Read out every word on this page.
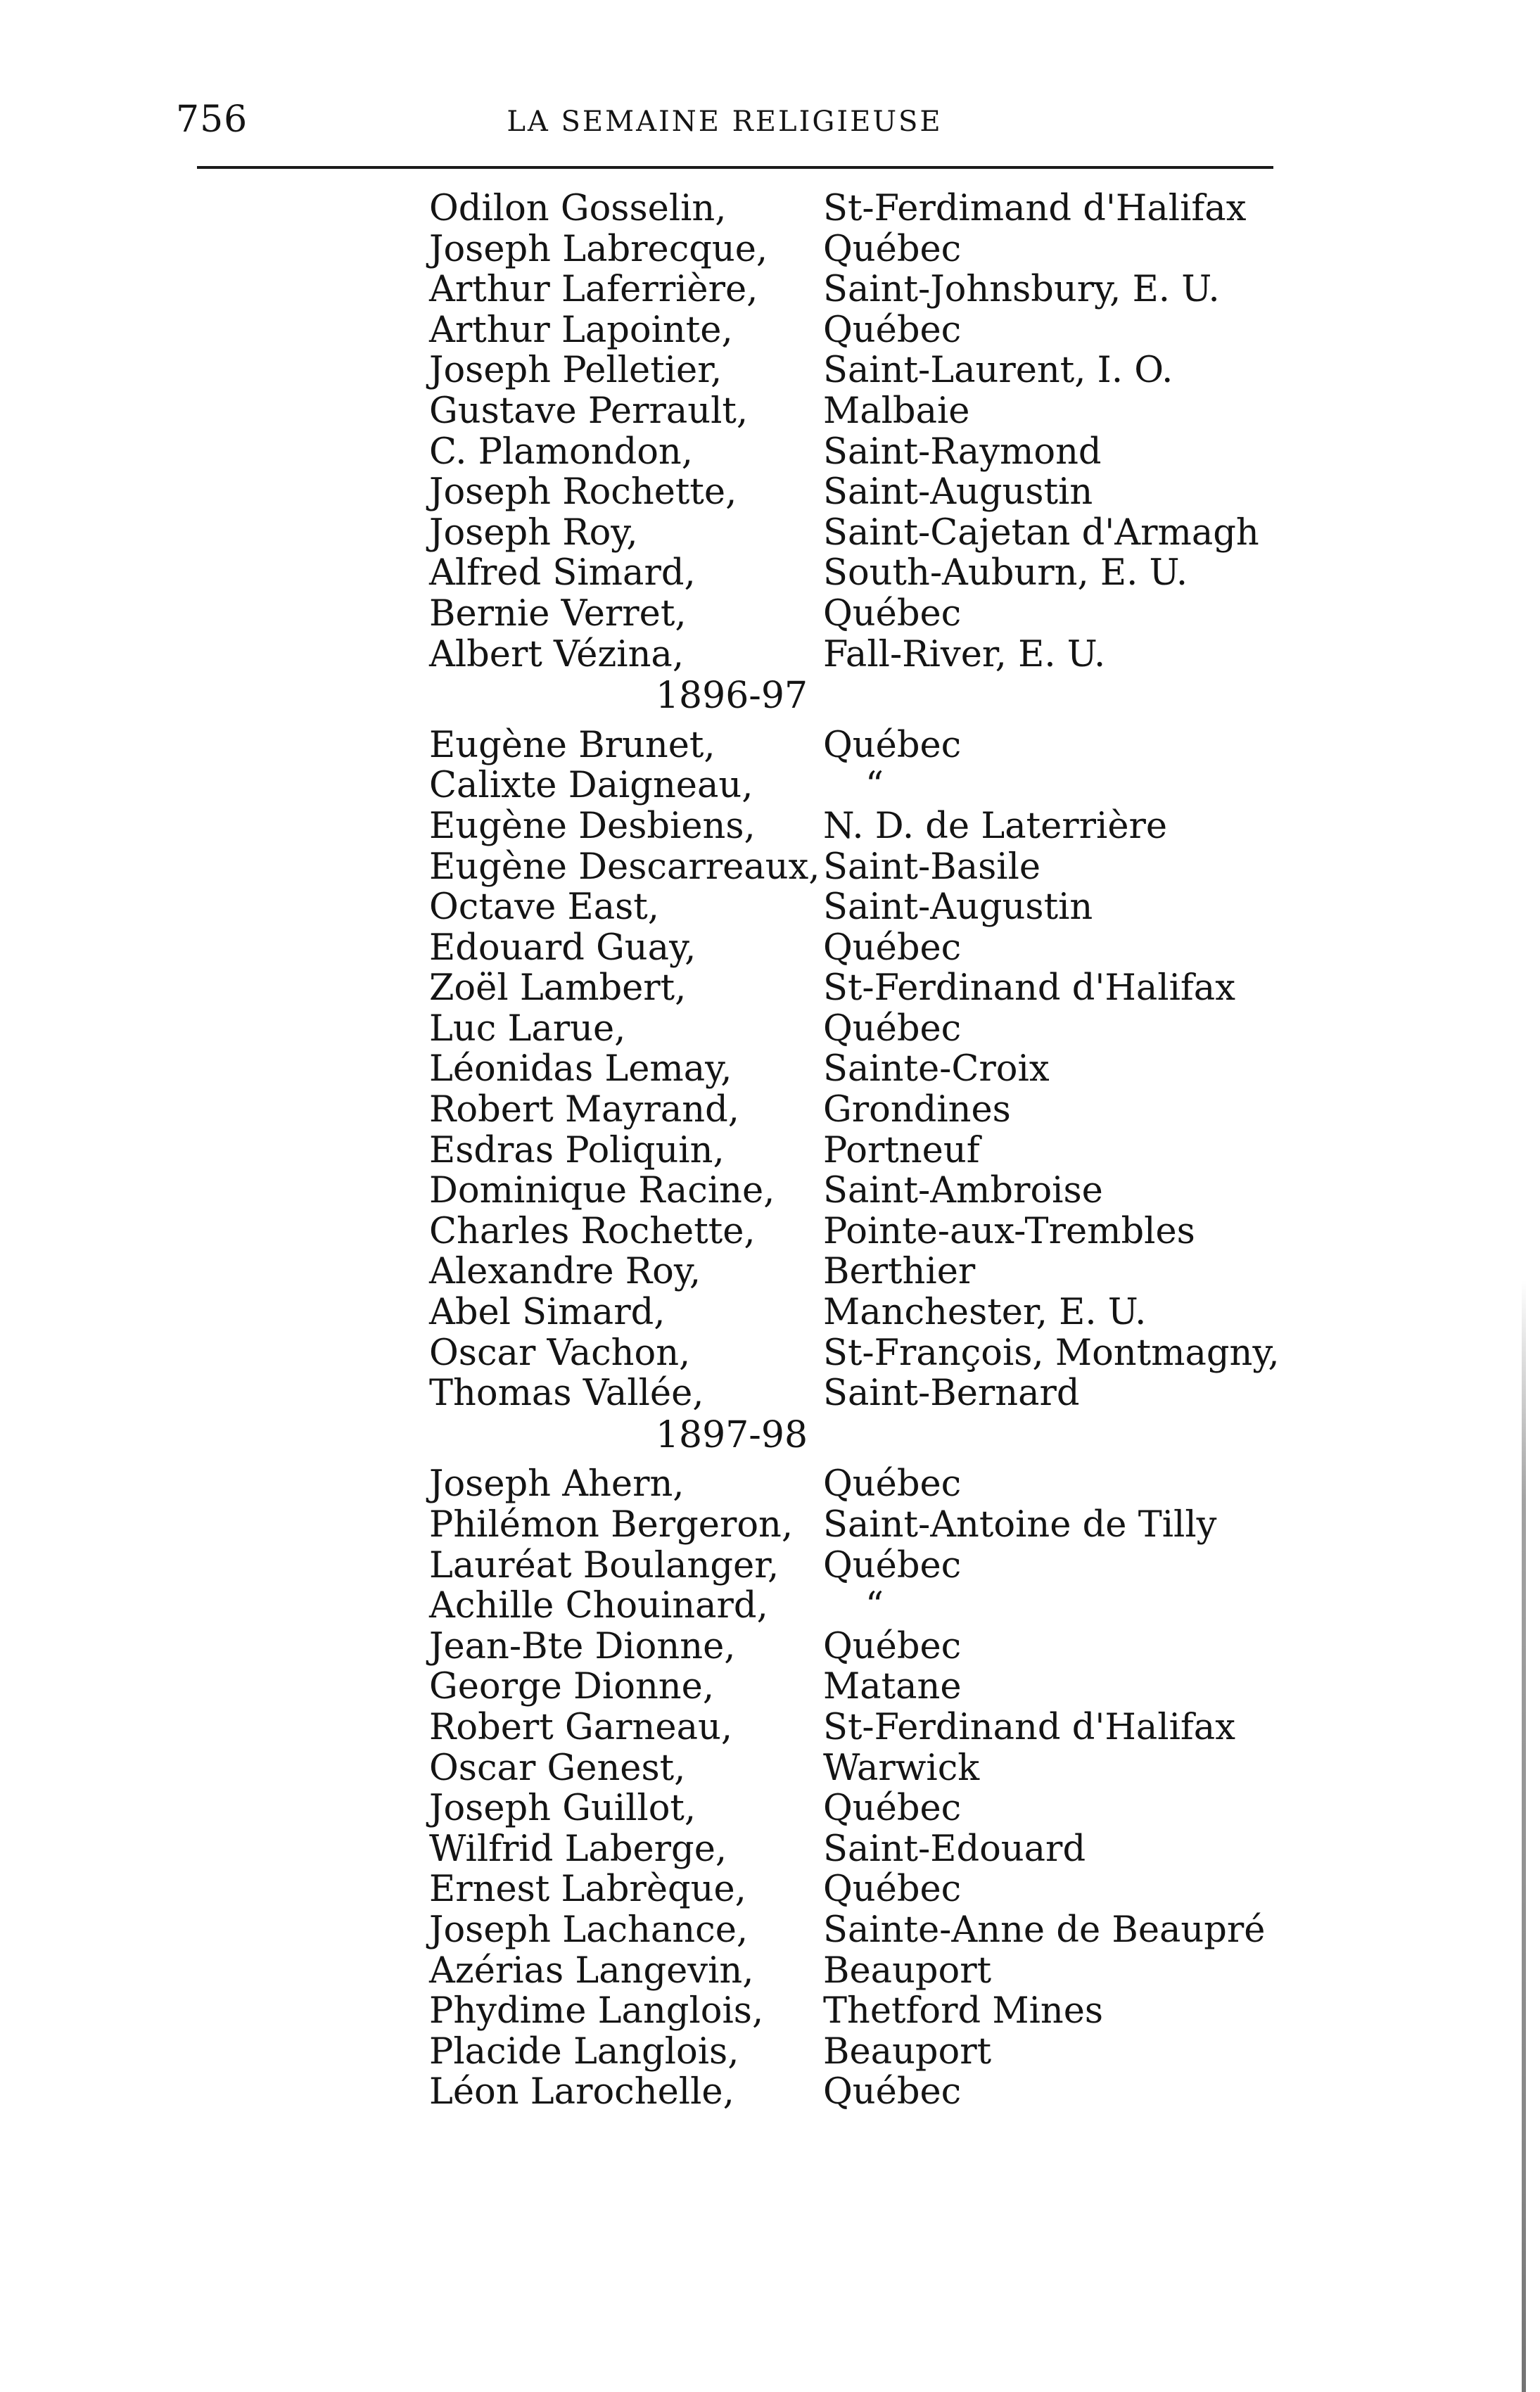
756	LA SEMAINE RELIGIEUSE
Odilon Gosselin,	St-Ferdimand d'Halifax
Joseph Labrecque,	Québec
Arthur Laferrière,	Saint-Johnsbury, E. U.
Arthur Lapointe,	Québec
Joseph Pelletier,	Saint-Laurent, I. O.
Gustave Perrault,	Malbaie
C. Plamondon,	Saint-Raymond
Joseph Rochette,	Saint-Augustin
Joseph Roy,	Saint-Cajetan d'Armagh
Alfred Simard,	South-Auburn, E. U.
Bernie Verret,	Québec
Albert Vézina,	Fall-River, E. U.
1896-97
Eugène Brunet,	Québec
Calixte Daigneau,	“
Eugène Desbiens,	N. D. de Laterrière
Eugène Descarreaux, Saint-Basile
Octave East,	Saint-Augustin
Edouard Guay,	Québec
Zoël Lambert,	St-Ferdinand d'Halifax
Luc Larue,	Québec
Léonidas Lemay,	Sainte-Croix
Robert Mayrand,	Grondines
Esdras Poliquin,	Portneuf
Dominique Racine,	Saint-Ambroise
Charles Rochette,	Pointe-aux-Trembles
Alexandre Roy,	Berthier
Abel Simard,	Manchester, E. U.
Oscar Vachon,	St-François, Montmagny,
Thomas Vallée,	Saint-Bernard
1897-98
Joseph Ahern,	Québec
Philémon Bergeron, Saint-Antoine de Tilly
Lauréat Boulanger,	Québec
Achille Chouinard,	“
Jean-Bte Dionne,	Québec
George Dionne,	Matane
Robert Garneau,	St-Ferdinand d'Halifax
Oscar Genest,	Warwick
Joseph Guillot,	Québec
Wilfrid Laberge,	Saint-Edouard
Ernest Labrèque,	Québec
Joseph Lachance,	Sainte-Anne de Beaupré
Azérias Langevin,	Beauport
Phydime Langlois,	Thetford Mines
Placide Langlois,	Beauport
Léon Larochelle,	Québec
